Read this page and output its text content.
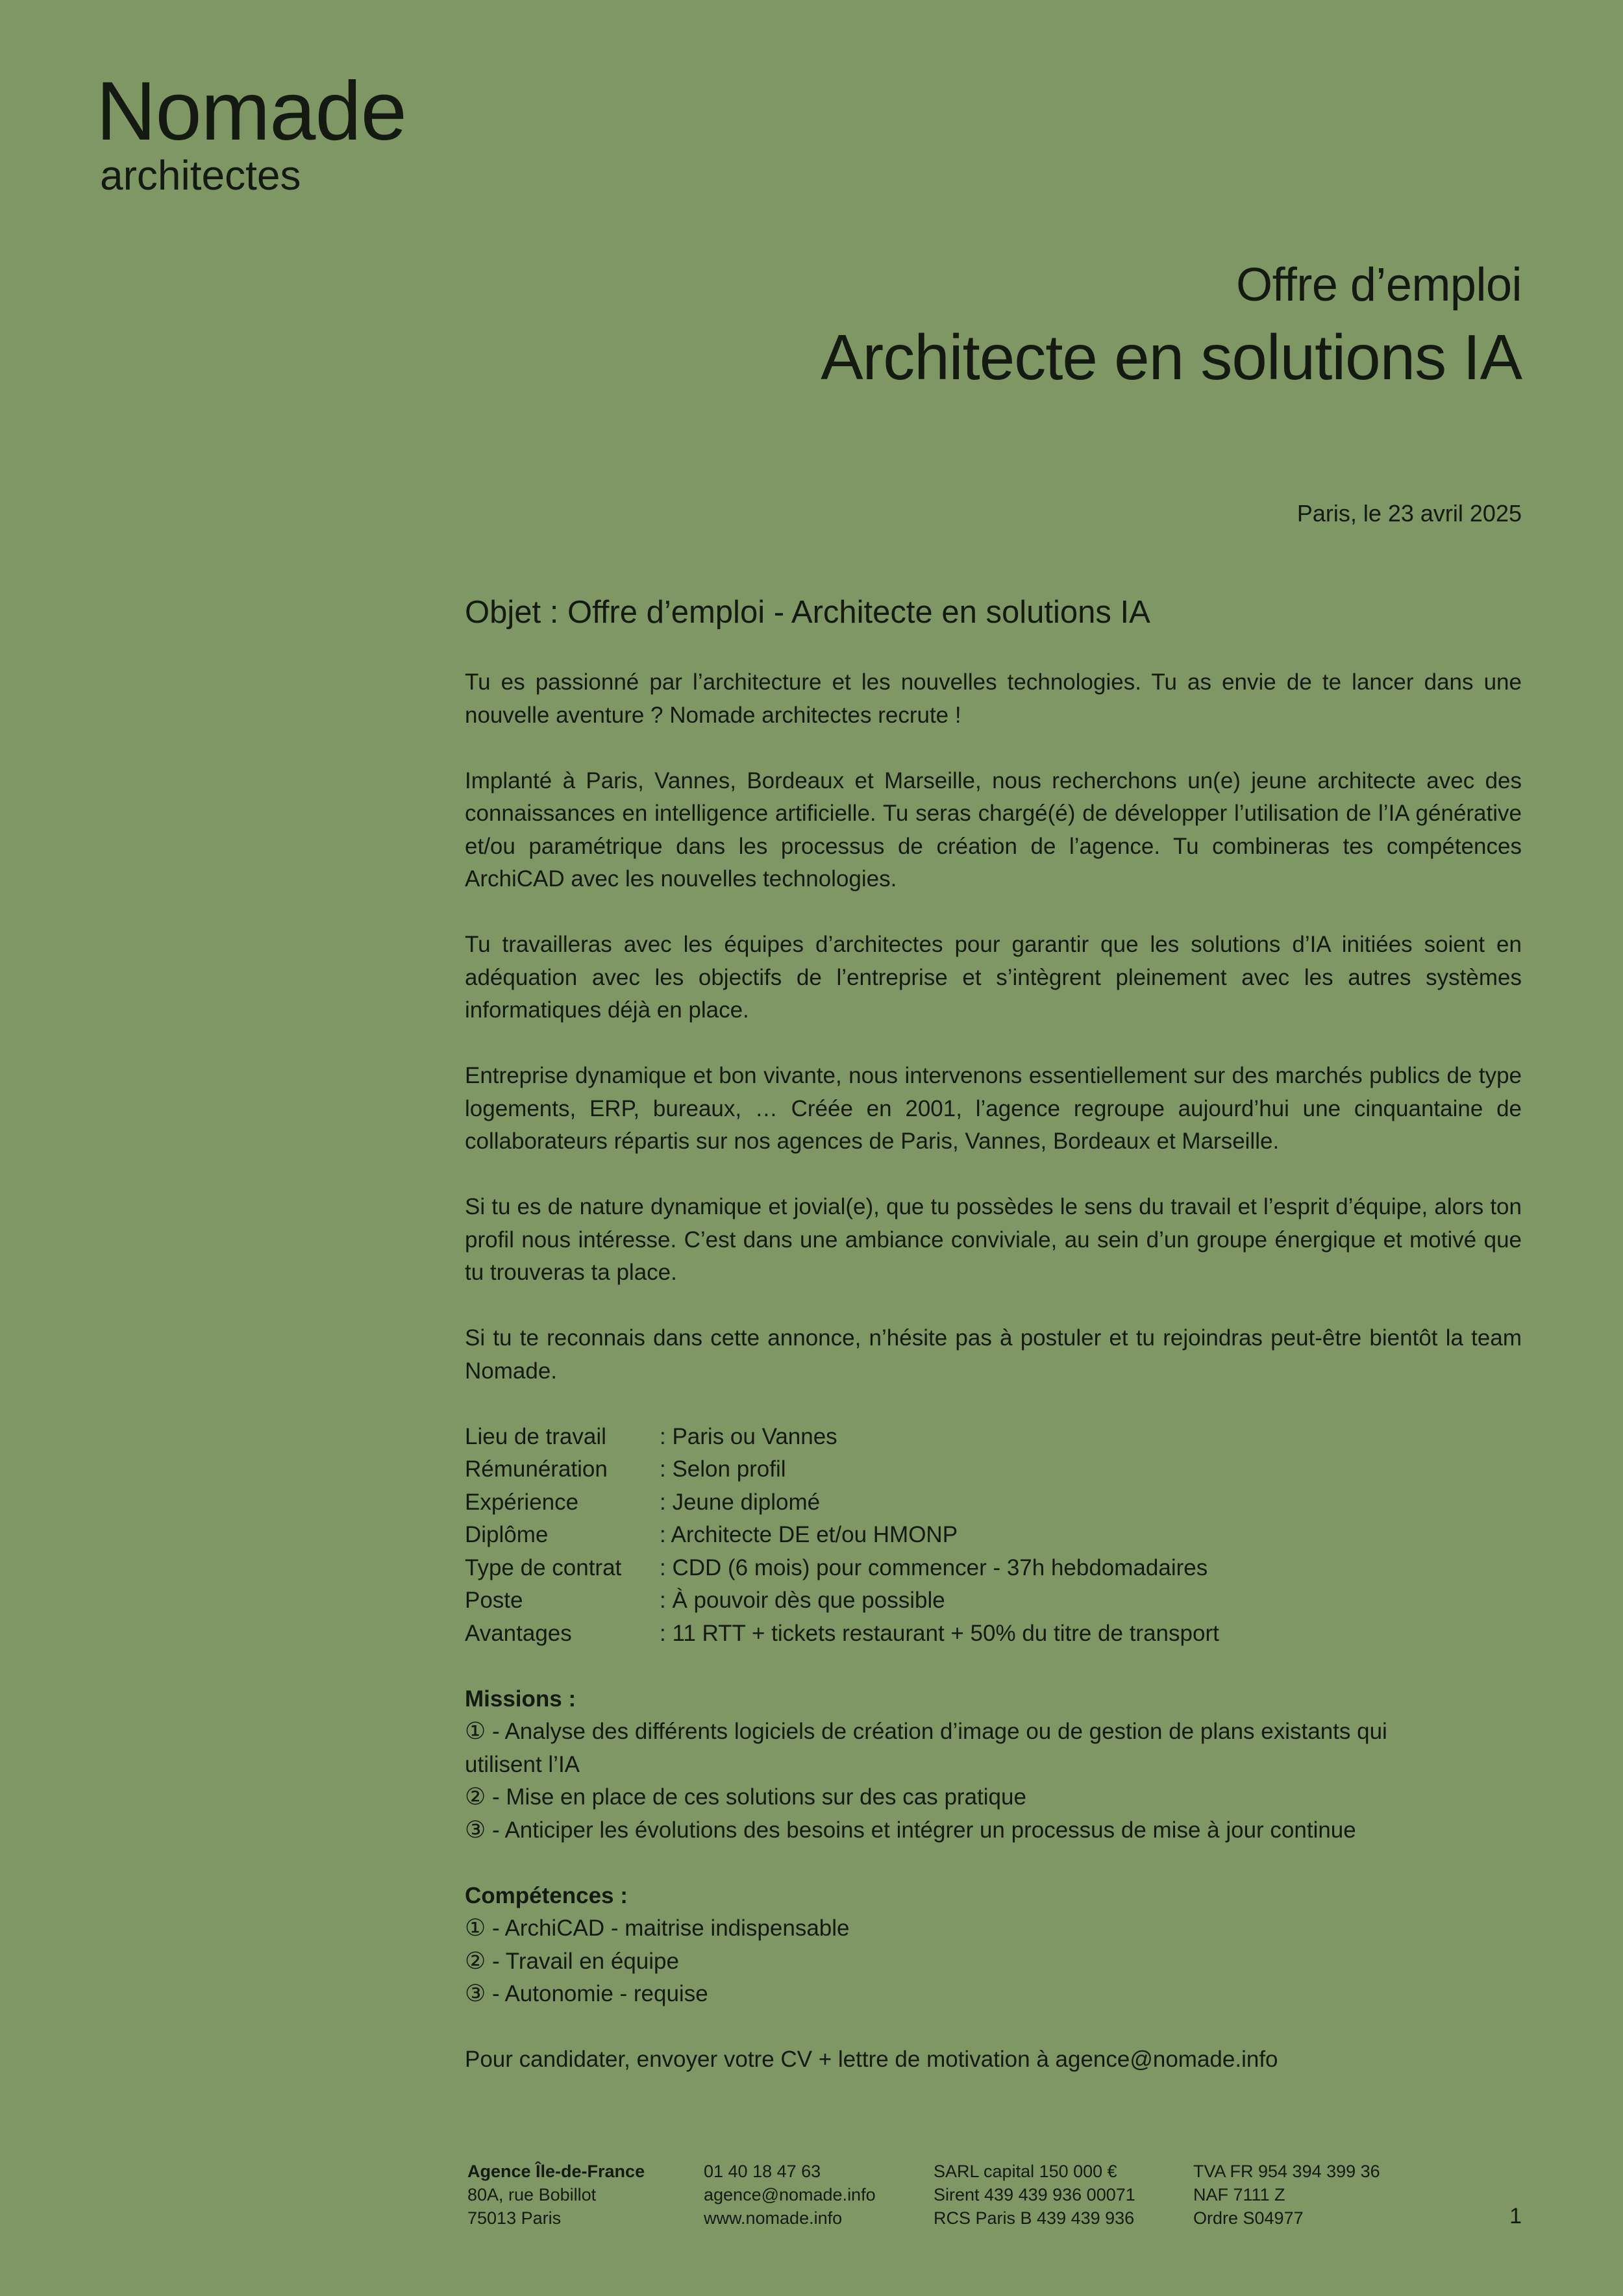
Nomade
architectes
Offre d’emploi
Architecte en solutions IA
Paris, le 23 avril 2025
Objet : Offre d’emploi - Architecte en solutions IA

Tu es passionné par l’architecture et les nouvelles technologies. Tu as envie de te lancer dans une nouvelle aventure ? Nomade architectes recrute !

Implanté à Paris, Vannes, Bordeaux et Marseille, nous recherchons un(e) jeune architecte avec des connaissances en intelligence artificielle. Tu seras chargé(é) de développer l’utilisation de l’IA générative et/ou paramétrique dans les processus de création de l’agence. Tu combineras tes compétences ArchiCAD avec les nouvelles technologies.

Tu travailleras avec les équipes d’architectes pour garantir que les solutions d’IA initiées soient en adéquation avec les objectifs de l’entreprise et s’intègrent pleinement avec les autres systèmes informatiques déjà en place.

Entreprise dynamique et bon vivante, nous intervenons essentiellement sur des marchés publics de type logements, ERP, bureaux, … Créée en 2001, l’agence regroupe aujourd’hui une cinquantaine de collaborateurs répartis sur nos agences de Paris, Vannes, Bordeaux et Marseille.

Si tu es de nature dynamique et jovial(e), que tu possèdes le sens du travail et l’esprit d’équipe, alors ton profil nous intéresse. C’est dans une ambiance conviviale, au sein d’un groupe énergique et motivé que tu trouveras ta place.

Si tu te reconnais dans cette annonce, n’hésite pas à postuler et tu rejoindras peut-être bientôt la team Nomade.

Lieu de travail	: Paris ou Vannes
Rémunération	: Selon profil
Expérience	: Jeune diplomé
Diplôme	: Architecte DE et/ou HMONP
Type de contrat	: CDD (6 mois) pour commencer - 37h hebdomadaires
Poste	: À pouvoir dès que possible
Avantages	: 11 RTT + tickets restaurant + 50% du titre de transport
Missions :
① - Analyse des différents logiciels de création d’image ou de gestion de plans existants qui
utilisent l’IA
② - Mise en place de ces solutions sur des cas pratique
③ - Anticiper les évolutions des besoins et intégrer un processus de mise à jour continue
Compétences :
① - ArchiCAD - maitrise indispensable
② - Travail en équipe
③ - Autonomie - requise
Pour candidater, envoyer votre CV + lettre de motivation à agence@nomade.info
Agence Île-de-France
80A, rue Bobillot
75013 Paris
01 40 18 47 63
agence@nomade.info
www.nomade.info
SARL capital 150 000 €
Sirent 439 439 936 00071
RCS Paris B 439 439 936
TVA FR 954 394 399 36
NAF 7111 Z
Ordre S04977	1
